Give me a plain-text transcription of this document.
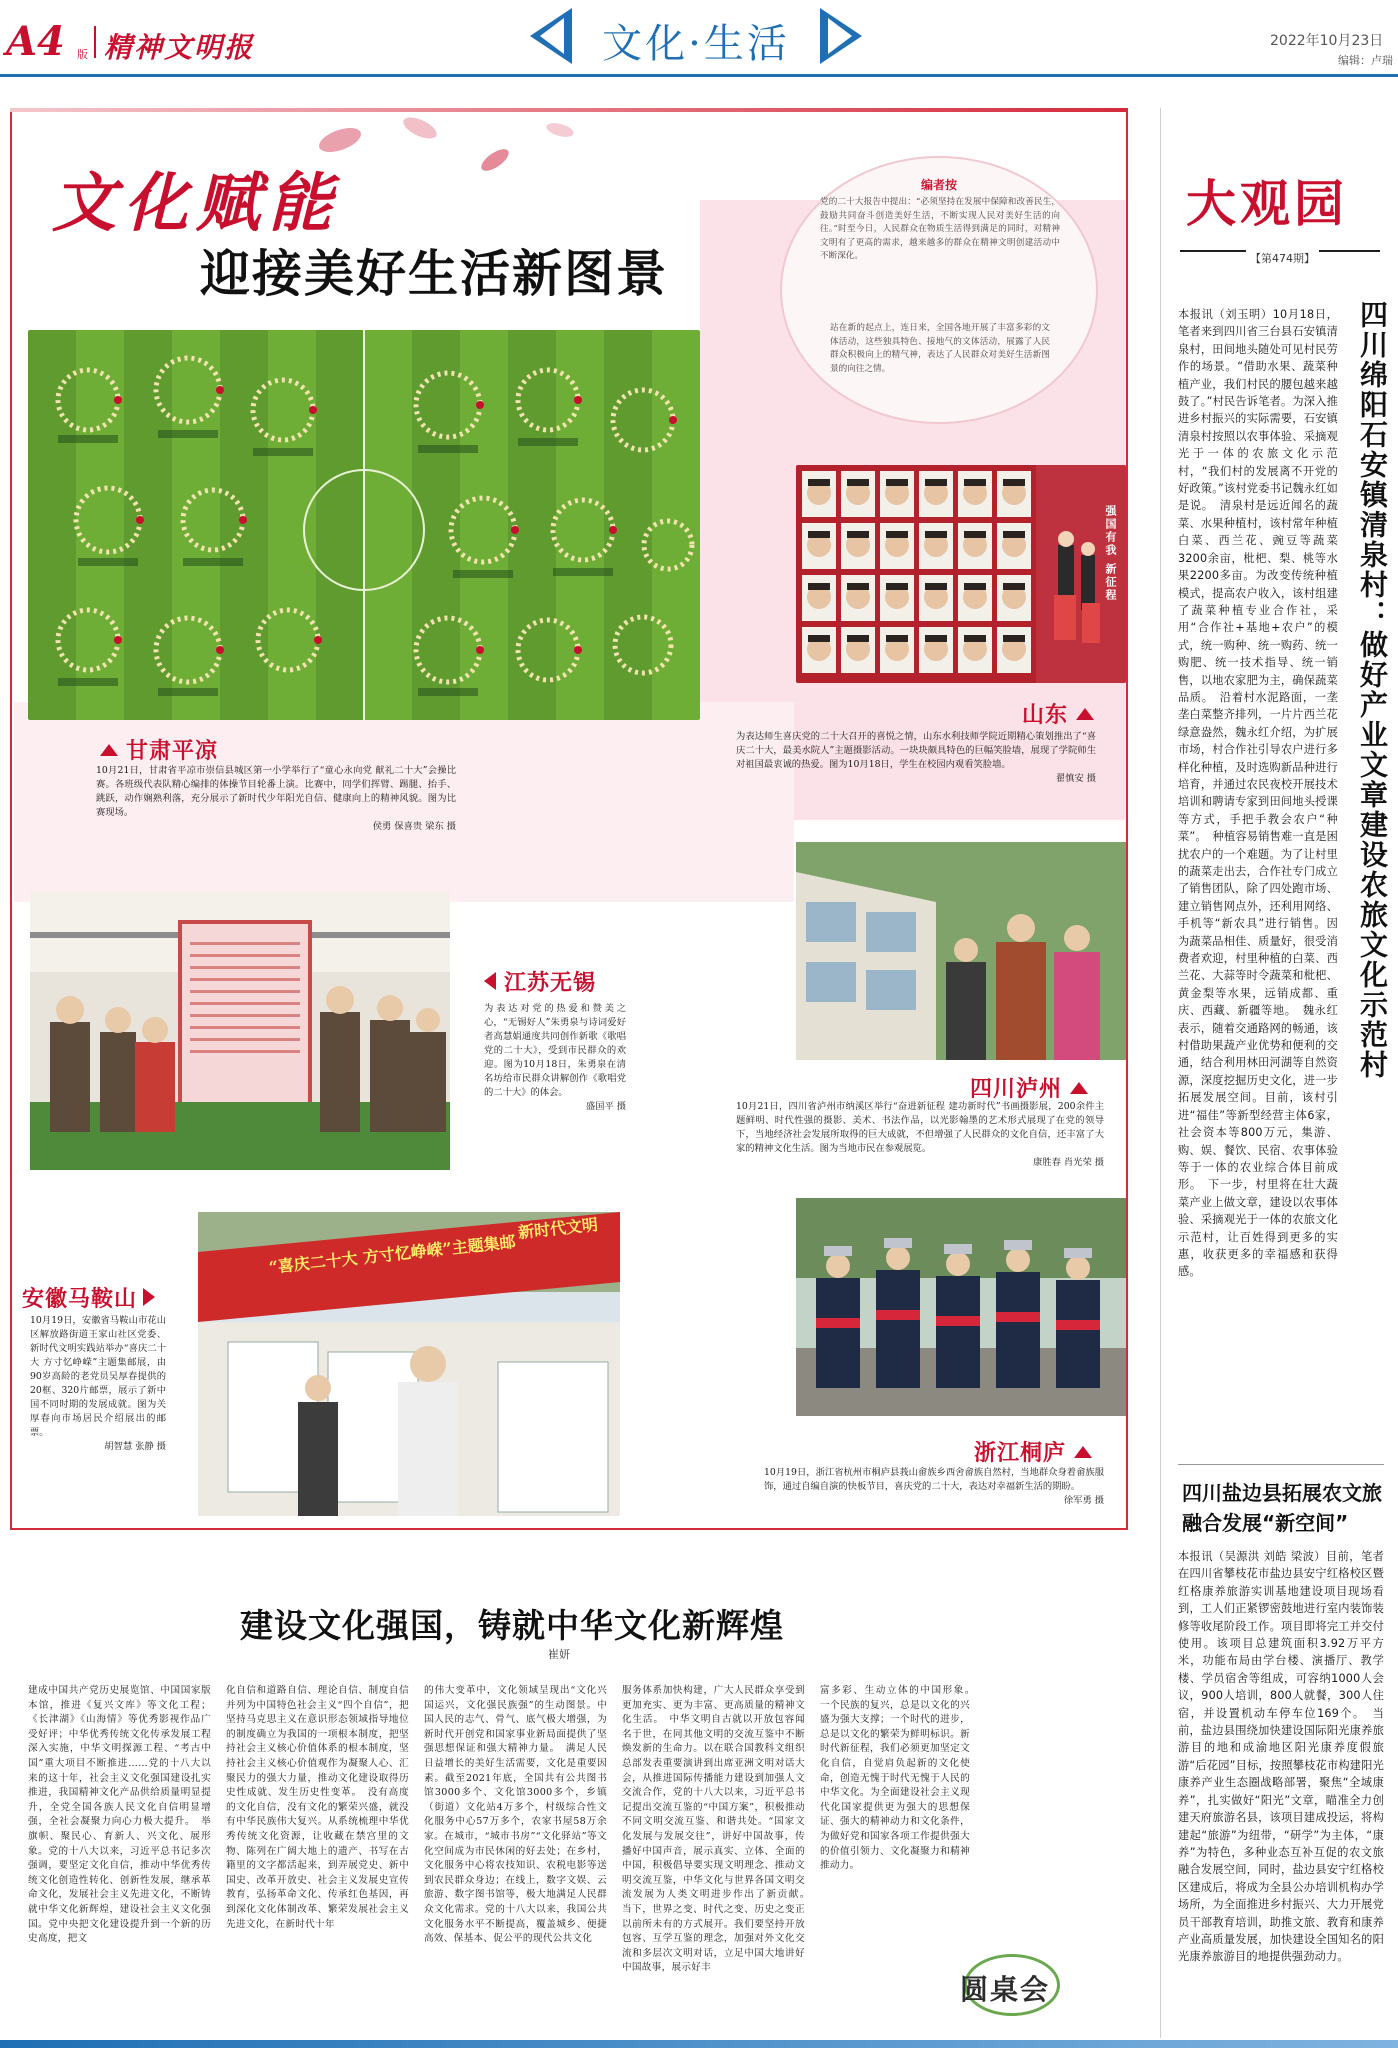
A4 版 精神文明报	文化·生活	2022年10月23日
编辑：卢瑞
文化赋能
迎接美好生活新图景
编者按
党的二十大报告中提出：“必须坚持在发展中保障和改善民生，鼓励共同奋斗创造美好生活，不断实现人民对美好生活的向往。”时至今日，人民群众在物质生活得到满足的同时，对精神文明有了更高的需求，越来越多的群众在精神文明创建活动中不断深化。
站在新的起点上，连日来，全国各地开展了丰富多彩的文体活动，这些独具特色、接地气的文体活动，展露了人民群众积极向上的精气神，表达了人民群众对美好生活新图景的向往之情。
甘肃平凉
10月21日，甘肃省平凉市崇信县城区第一小学举行了“童心永向党 献礼二十大”会操比赛。各班级代表队精心编排的体操节目轮番上演。比赛中，同学们挥臂、踢腿、抬手、跳跃，动作娴熟利落，充分展示了新时代少年阳光自信、健康向上的精神风貌。图为比赛现场。
侯勇 保喜贵 梁东 摄
强国有我 新征程
山东
为表达师生喜庆党的二十大召开的喜悦之情，山东水利技师学院近期精心策划推出了“喜庆二十大，最美水院人”主题摄影活动。一块块颇具特色的巨幅笑脸墙，展现了学院师生对祖国最衷诚的热爱。图为10月18日，学生在校园内观看笑脸墙。
翟慎安 摄
江苏无锡
为表达对党的热爱和赞美之心，“无锡好人”朱勇泉与诗词爱好者高慧娟通度共同创作新歌《歌唱党的二十大》，受到市民群众的欢迎。图为10月18日，朱勇泉在清名坊给市民群众讲解创作《歌唱党的二十大》的体会。
盛国平 摄
四川泸州
10月21日，四川省泸州市纳溪区举行“奋进新征程 建功新时代”书画摄影展，200余件主题鲜明、时代性强的摄影、美术、书法作品，以光影翰墨的艺术形式展现了在党的领导下，当地经济社会发展所取得的巨大成就，不但增强了人民群众的文化自信，还丰富了大家的精神文化生活。图为当地市民在参观展览。
康胜春 肖光荣 摄
“喜庆二十大 方寸忆峥嵘”主题集邮
新时代文明
安徽马鞍山
10月19日，安徽省马鞍山市花山区解放路街道王家山社区党委、新时代文明实践站举办“喜庆二十大 方寸忆峥嵘”主题集邮展，由90岁高龄的老党员吴厚春提供的20框、320片邮票，展示了新中国不同时期的发展成就。图为关厚春向市场居民介绍展出的邮票。
胡智慧 张静 摄	浙江桐庐
10月19日，浙江省杭州市桐庐县莪山畲族乡西舍畲族自然村，当地群众身着畲族服饰，通过自编自演的快板节目，喜庆党的二十大，表达对幸福新生活的期盼。
徐军勇 摄
建设文化强国，铸就中华文化新辉煌
崔妍
建成中国共产党历史展览馆、中国国家版本馆，推进《复兴文库》等文化工程；《长津湖》《山海情》等优秀影视作品广受好评；中华优秀传统文化传承发展工程深入实施，中华文明探源工程、“考古中国”重大项目不断推进……党的十八大以来的这十年，社会主义文化强国建设扎实推进，我国精神文化产品供给质量明显提升，全党全国各族人民文化自信明显增强，全社会凝聚力向心力极大提升。　举旗帜、聚民心、育新人、兴文化、展形象。党的十八大以来，习近平总书记多次强调，要坚定文化自信，推动中华优秀传统文化创造性转化、创新性发展，继承革命文化，发展社会主义先进文化，不断铸就中华文化新辉煌，建设社会主义文化强国。党中央把文化建设提升到一个新的历史高度，把文
化自信和道路自信、理论自信、制度自信并列为中国特色社会主义“四个自信”，把坚持马克思主义在意识形态领域指导地位的制度确立为我国的一项根本制度，把坚持社会主义核心价值体系的根本制度，坚持社会主义核心价值观作为凝聚人心、汇聚民力的强大力量，推动文化建设取得历史性成就、发生历史性变革。　没有高度的文化自信，没有文化的繁荣兴盛，就没有中华民族伟大复兴。从系统梳理中华优秀传统文化资源，让收藏在禁宫里的文物、陈列在广阔大地上的遗产、书写在古籍里的文字都活起来，到弄展党史、新中国史、改革开放史、社会主义发展史宣传教育，弘扬革命文化、传承红色基因，再到深化文化体制改革、繁荣发展社会主义先进文化，在新时代十年
的伟大变革中，文化领域呈现出“文化兴国运兴，文化强民族强”的生动图景。中国人民的志气、骨气、底气极大增强，为新时代开创党和国家事业新局面提供了坚强思想保证和强大精神力量。　满足人民日益增长的美好生活需要，文化是重要因素。截至2021年底，全国共有公共图书馆3000多个、文化馆3000多个，乡镇（街道）文化站4万多个，村级综合性文化服务中心57万多个，农家书屋58万余家。在城市，“城市书房”“文化驿站”等文化空间成为市民休闲的好去处；在乡村，文化服务中心将农技知识、农税电影等送到农民群众身边；在线上，数字文娱、云旅游、数字图书馆等，极大地满足人民群众文化需求。党的十八大以来，我国公共文化服务水平不断提高，覆盖城乡、便捷高效、保基本、促公平的现代公共文化
服务体系加快构建，广大人民群众享受到更加充实、更为丰富、更高质量的精神文化生活。　中华文明自古就以开放包容闻名于世，在同其他文明的交流互鉴中不断焕发新的生命力。以在联合国教科文组织总部发表重要演讲到出席亚洲文明对话大会，从推进国际传播能力建设到加强人文交流合作，党的十八大以来，习近平总书记提出交流互鉴的“中国方案”，积极推动不同文明交流互鉴、和谐共处。“国家文化发展与发展交往”，讲好中国故事，传播好中国声音，展示真实、立体、全面的中国，积极倡导要实现文明理念、推动文明交流互鉴，中华文化与世界各国文明交流发展为人类文明进步作出了新贡献。　当下，世界之变、时代之变、历史之变正以前所未有的方式展开。我们要坚持开放包容、互学互鉴的理念，加强对外文化交流和多层次文明对话，立足中国大地讲好中国故事，展示好丰
富多彩、生动立体的中国形象。　一个民族的复兴，总是以文化的兴盛为强大支撑；一个时代的进步，总是以文化的繁荣为鲜明标识。新时代新征程，我们必须更加坚定文化自信，自觉肩负起新的文化使命，创造无愧于时代无愧于人民的中华文化。为全面建设社会主义现代化国家提供更为强大的思想保证、强大的精神动力和文化条件，为做好党和国家各项工作提供强大的价值引领力、文化凝聚力和精神推动力。
圆桌会
大观园
【第474期】
四川绵阳石安镇清泉村：做好产业文章建设农旅文化示范村
本报讯（刘玉明）10月18日，笔者来到四川省三台县石安镇清泉村，田间地头随处可见村民劳作的场景。“借助水果、蔬菜种植产业，我们村民的腰包越来越鼓了。”村民告诉笔者。为深入推进乡村振兴的实际需要，石安镇清泉村按照以农事体验、采摘观光于一体的农旅文化示范村，“我们村的发展离不开党的好政策。”该村党委书记魏永红如是说。　清泉村是远近闻名的蔬菜、水果种植村，该村常年种植白菜、西兰花、豌豆等蔬菜3200余亩，枇杷、梨、桃等水果2200多亩。为改变传统种植模式，提高农户收入，该村组建了蔬菜种植专业合作社，采用“合作社+基地+农户”的模式，统一购种、统一购药、统一购肥、统一技术指导、统一销售，以地农家肥为主，确保蔬菜品质。　沿着村水泥路面，一垄垄白菜整齐排列，一片片西兰花绿意盎然，魏永红介绍，为扩展市场，村合作社引导农户进行多样化种植，及时选购新品种进行培育，并通过农民夜校开展技术培训和聘请专家到田间地头授课等方式，手把手教会农户“种菜”。　种植容易销售难一直是困扰农户的一个难题。为了让村里的蔬菜走出去，合作社专门成立了销售团队，除了四处跑市场、建立销售网点外，还利用网络、手机等“新农具”进行销售。因为蔬菜品相佳、质量好，很受消费者欢迎，村里种植的白菜、西兰花、大蒜等时令蔬菜和枇杷、黄金梨等水果，远销成都、重庆、西藏、新疆等地。　魏永红表示，随着交通路网的畅通，该村借助果蔬产业优势和便利的交通，结合利用林田河湖等自然资源，深度挖掘历史文化，进一步拓展发展空间。目前，该村引进“福佳”等新型经营主体6家，社会资本等800万元，集游、购、娱、餐饮、民宿、农事体验等于一体的农业综合体目前成形。　下一步，村里将在壮大蔬菜产业上做文章，建设以农事体验、采摘观光于一体的农旅文化示范村，让百姓得到更多的实惠，收获更多的幸福感和获得感。
四川盐边县拓展农文旅融合发展“新空间”
本报讯（吴源洪 刘皓 梁波）目前，笔者在四川省攀枝花市盐边县安宁红格校区暨红格康养旅游实训基地建设项目现场看到，工人们正紧锣密鼓地进行室内装饰装修等收尾阶段工作。项目即将完工并交付使用。该项目总建筑面积3.92万平方米，功能布局由学台楼、演播厅、教学楼、学员宿舍等组成，可容纳1000人会议，900人培训，800人就餐，300人住宿，并设置机动车停车位169个。　当前，盐边县围绕加快建设国际阳光康养旅游目的地和成渝地区阳光康养度假旅游“后花园”目标，按照攀枝花市构建阳光康养产业生态圈战略部署，聚焦“全域康养”，扎实做好“阳光”文章，瞄准全力创建天府旅游名县，该项目建成投运，将构建起“旅游”为纽带，“研学”为主体，“康养”为特色，多种业态互补互促的农文旅融合发展空间，同时，盐边县安宁红格校区建成后，将成为全县公办培训机构办学场所，为全面推进乡村振兴、大力开展党员干部教育培训，助推文旅、教育和康养产业高质量发展，加快建设全国知名的阳光康养旅游目的地提供强劲动力。
